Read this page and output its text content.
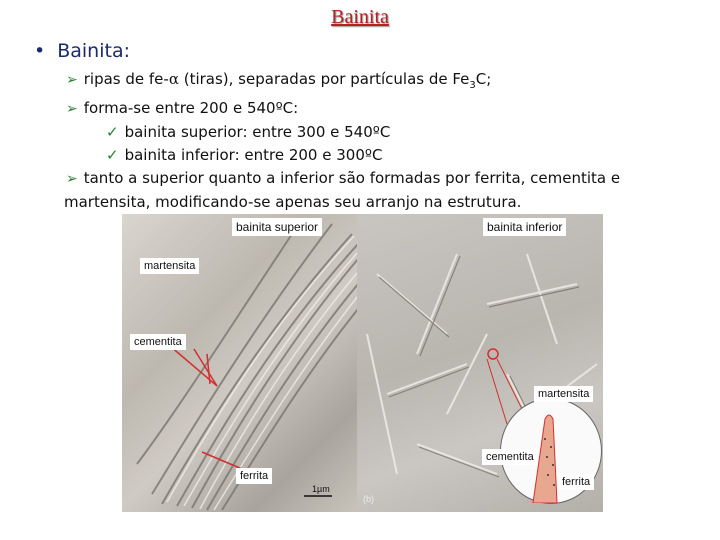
Bainita
• Bainita:
➢ ripas de fe-α (tiras), separadas por partículas de $Fe_3C$;
➢ forma-se entre 200 e 540ºC:
✓ bainita superior: entre 300 e 540ºC
✓ bainita inferior: entre 200 e 300ºC
➢ tanto a superior quanto a inferior são formadas por ferrita, cementita e
martensita, modificando-se apenas seu arranjo na estrutura.
bainita superior
martensita
cementita
ferrita
1µm
bainita inferior
(b)
martensita
cementita
ferrita
